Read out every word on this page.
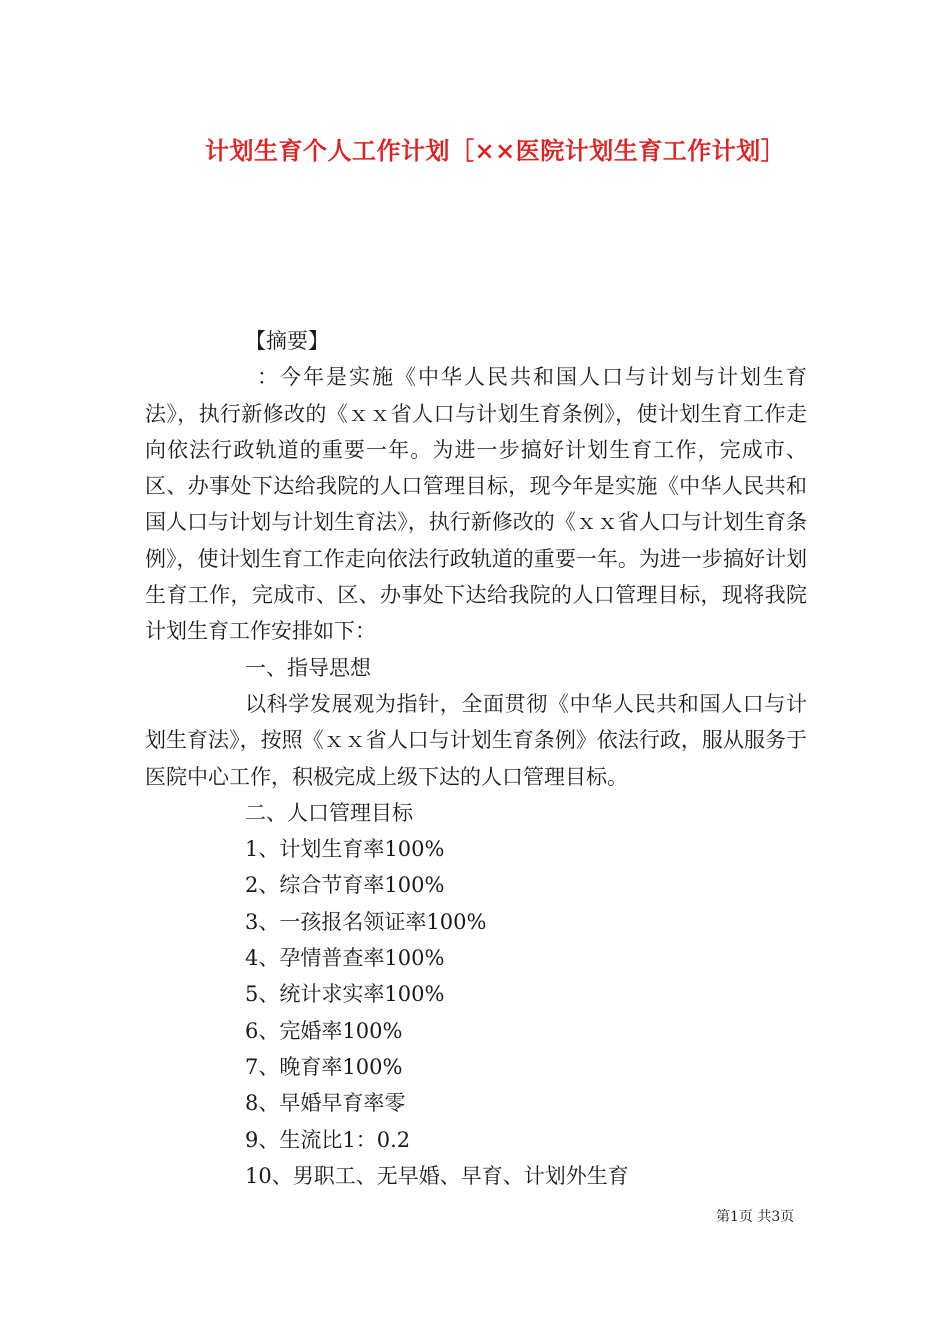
计划生育个人工作计划［××医院计划生育工作计划］

【摘要】

：今年是实施《中华人民共和国人口与计划与计划生育法》，执行新修改的《ｘｘ省人口与计划生育条例》，使计划生育工作走向依法行政轨道的重要一年。为进一步搞好计划生育工作，完成市、区、办事处下达给我院的人口管理目标，现今年是实施《中华人民共和国人口与计划与计划生育法》，执行新修改的《ｘｘ省人口与计划生育条例》，使计划生育工作走向依法行政轨道的重要一年。为进一步搞好计划生育工作，完成市、区、办事处下达给我院的人口管理目标，现将我院计划生育工作安排如下：

一、指导思想

以科学发展观为指针，全面贯彻《中华人民共和国人口与计划生育法》，按照《ｘｘ省人口与计划生育条例》依法行政，服从服务于医院中心工作，积极完成上级下达的人口管理目标。

二、人口管理目标

1、计划生育率100%

2、综合节育率100%

3、一孩报名领证率100%

4、孕情普查率100%

5、统计求实率100%

6、完婚率100%

7、晚育率100%

8、早婚早育率零

9、生流比1：0.2

10、男职工、无早婚、早育、计划外生育

第1页 共3页
